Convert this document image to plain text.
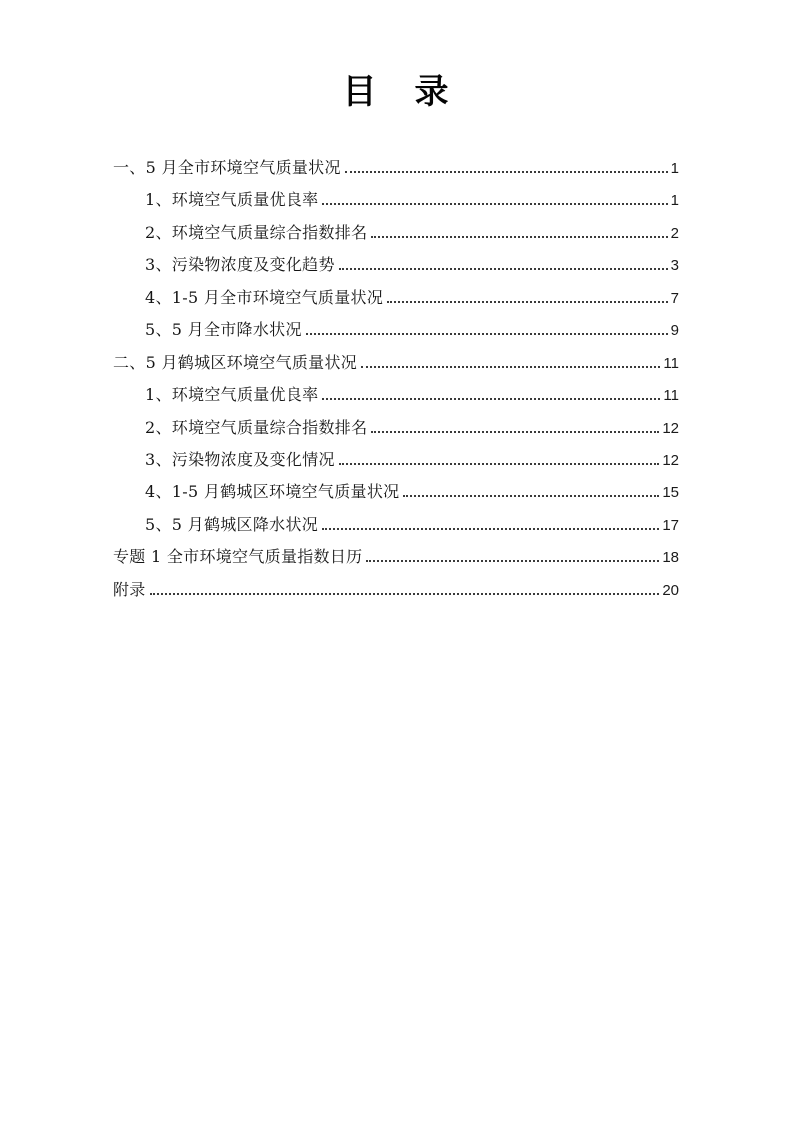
目　录
一、5 月全市环境空气质量状况	1
1、环境空气质量优良率	1
2、环境空气质量综合指数排名	2
3、污染物浓度及变化趋势	3
4、1-5 月全市环境空气质量状况	7
5、5 月全市降水状况	9
二、5 月鹤城区环境空气质量状况	11
1、环境空气质量优良率	11
2、环境空气质量综合指数排名	12
3、污染物浓度及变化情况	12
4、1-5 月鹤城区环境空气质量状况	15
5、5 月鹤城区降水状况	17
专题 1 全市环境空气质量指数日历	18
附录	20
